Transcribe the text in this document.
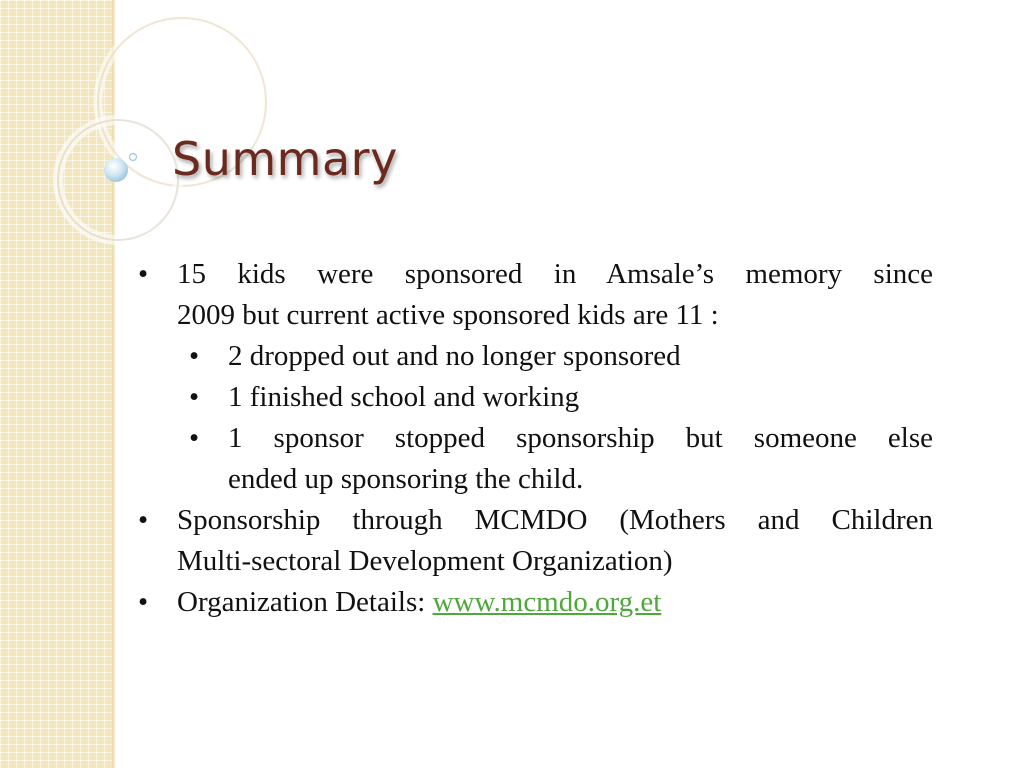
Summary
• 15 kids were sponsored in Amsale’s memory since
2009 but current active sponsored kids are 11 :
• 2 dropped out and no longer sponsored
• 1 finished school and working
• 1 sponsor stopped sponsorship but someone else
ended up sponsoring the child.
• Sponsorship through MCMDO (Mothers and Children
Multi-sectoral Development Organization)
• Organization Details: www.mcmdo.org.et
